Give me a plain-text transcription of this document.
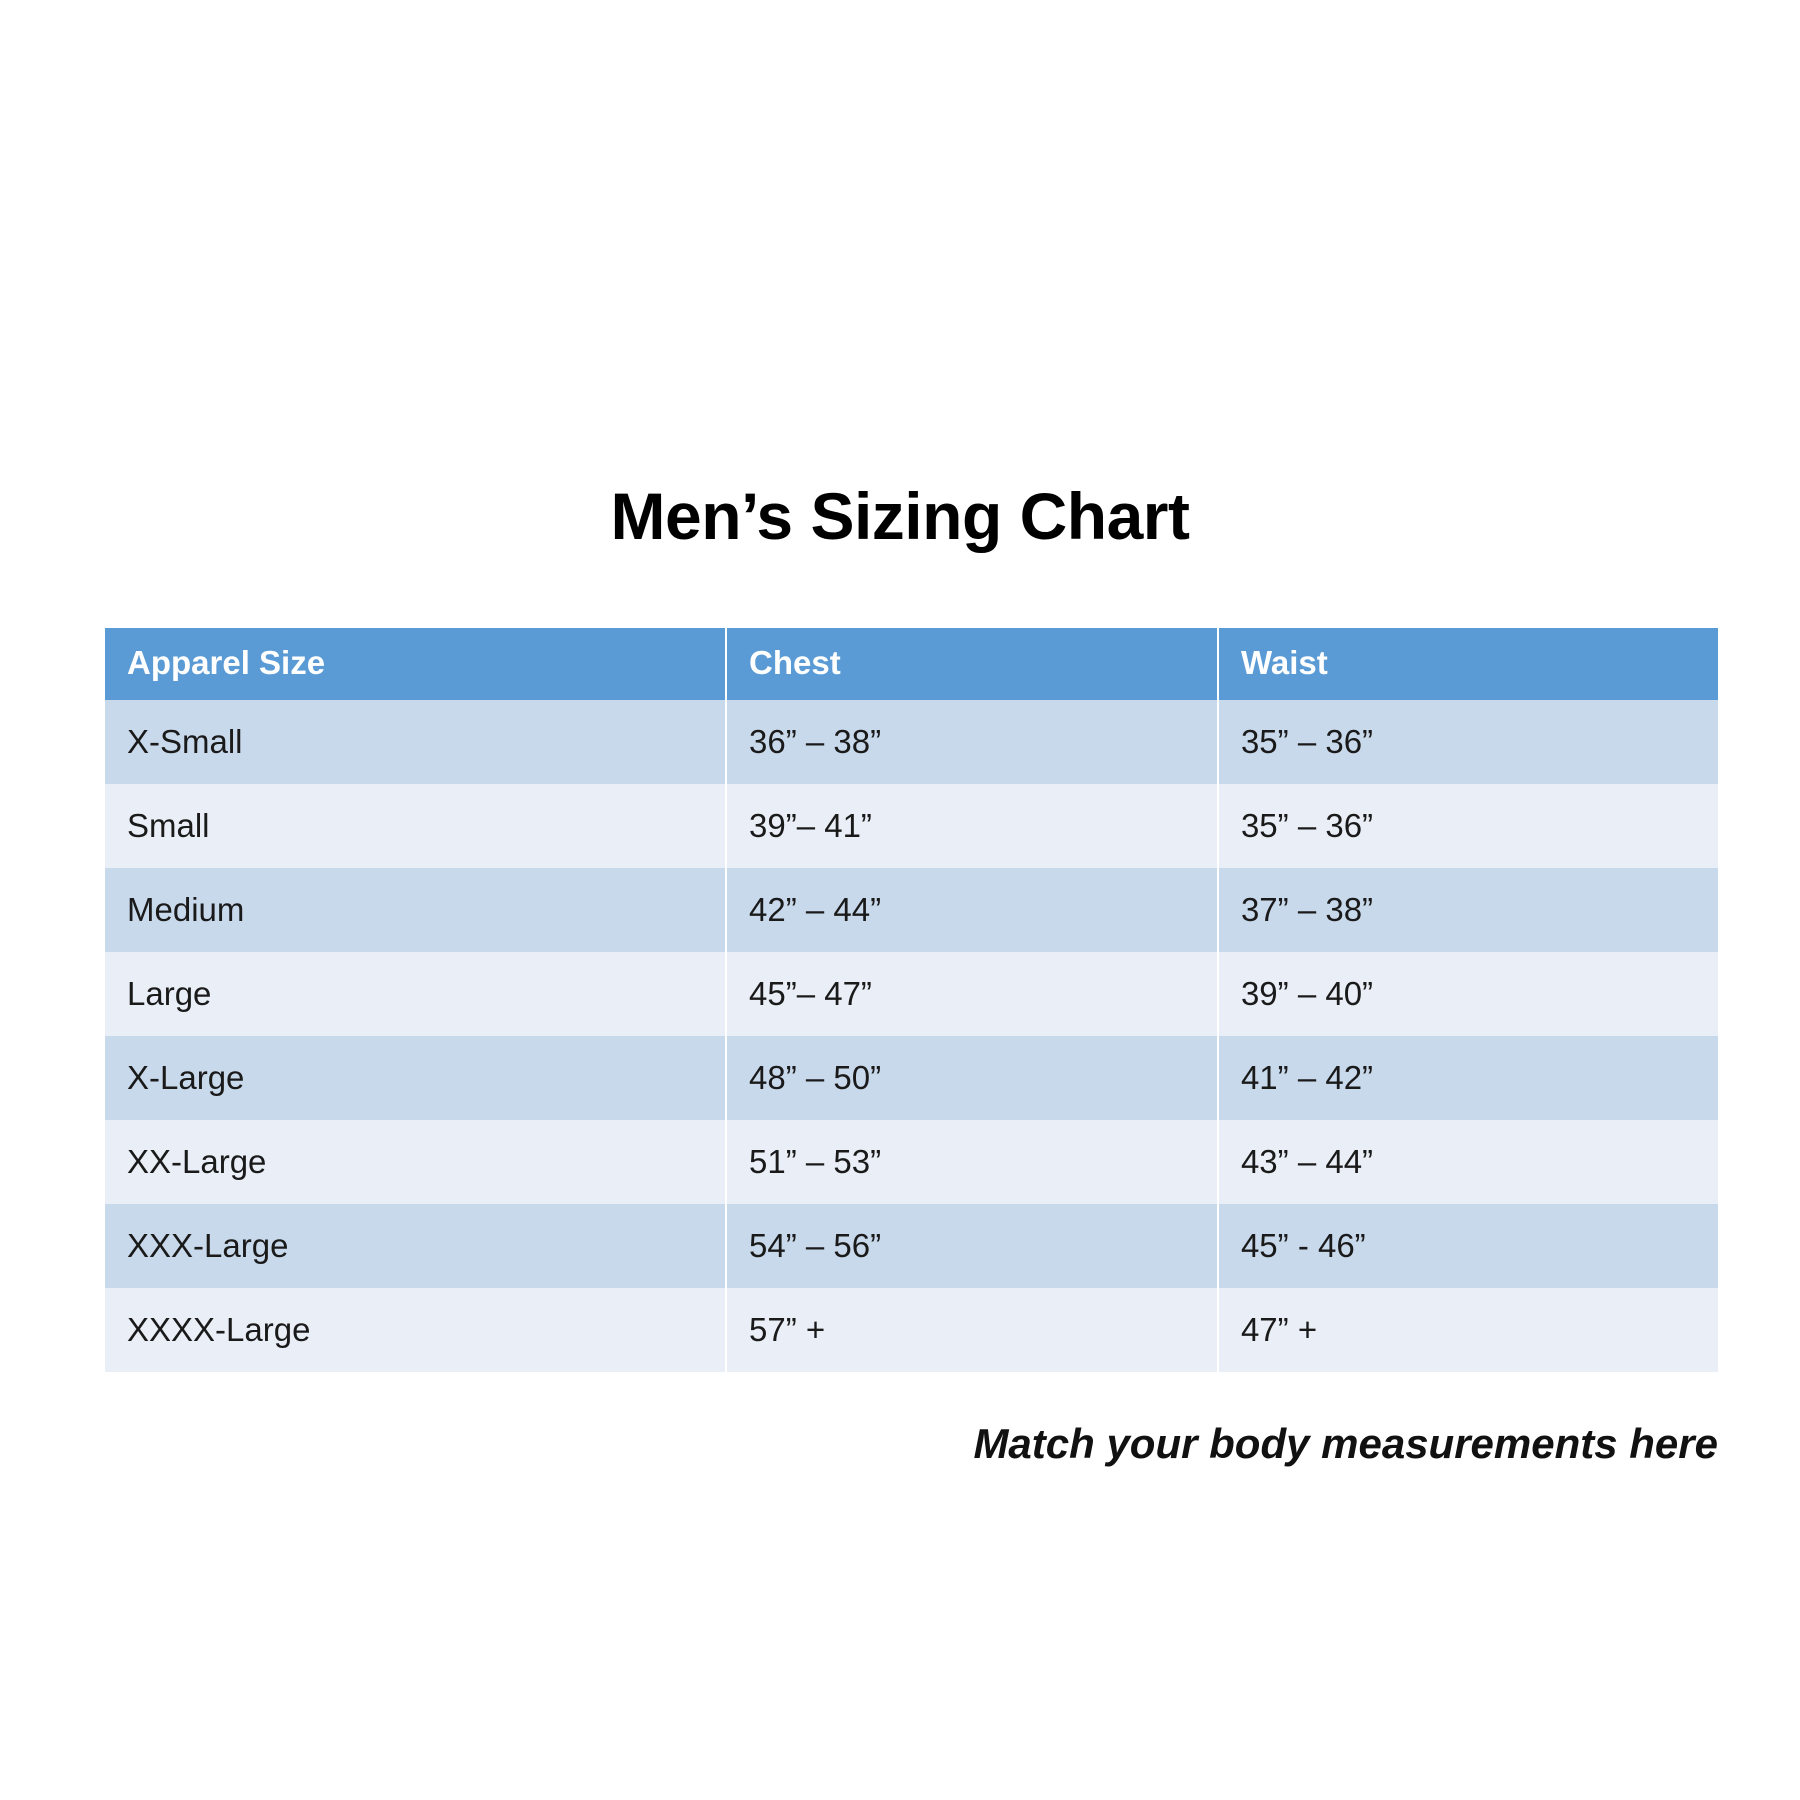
Men’s Sizing Chart
Apparel Size	Chest	Waist
X-Small	36” – 38”	35” – 36”
Small	39”– 41”	35” – 36”
Medium	42” – 44”	37” – 38”
Large	45”– 47”	39” – 40”
X-Large	48” – 50”	41” – 42”
XX-Large	51” – 53”	43” – 44”
XXX-Large	54” – 56”	45” - 46”
XXXX-Large	57” +	47” +
Match your body measurements here
